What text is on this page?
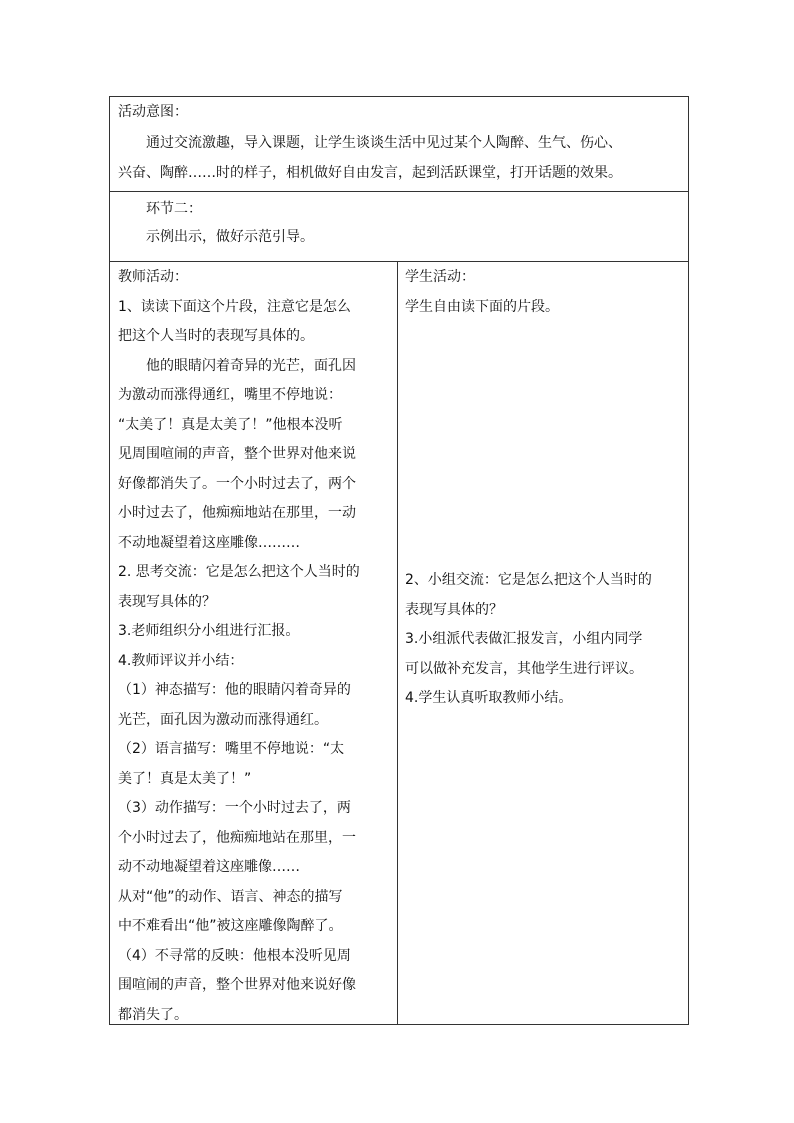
活动意图：
通过交流激趣，导入课题，让学生谈谈生活中见过某个人陶醉、生气、伤心、
兴奋、陶醉……时的样子，相机做好自由发言，起到活跃课堂，打开话题的效果。
环节二：
示例出示，做好示范引导。
教师活动：
1、读读下面这个片段，注意它是怎么
把这个人当时的表现写具体的。
他的眼睛闪着奇异的光芒，面孔因
为激动而涨得通红，嘴里不停地说：
“太美了！真是太美了！”他根本没听
见周围喧闹的声音，整个世界对他来说
好像都消失了。一个小时过去了，两个
小时过去了，他痴痴地站在那里，一动
不动地凝望着这座雕像………
2. 思考交流：它是怎么把这个人当时的
表现写具体的？
3.老师组织分小组进行汇报。
4.教师评议并小结：
（1）神态描写：他的眼睛闪着奇异的
光芒，面孔因为激动而涨得通红。
（2）语言描写：嘴里不停地说：“太
美了！真是太美了！”
（3）动作描写：一个小时过去了，两
个小时过去了，他痴痴地站在那里，一
动不动地凝望着这座雕像……
从对“他”的动作、语言、神态的描写
中不难看出“他”被这座雕像陶醉了。
（4）不寻常的反映：他根本没听见周
围喧闹的声音，整个世界对他来说好像
都消失了。
学生活动：
学生自由读下面的片段。
2、小组交流：它是怎么把这个人当时的
表现写具体的？
3.小组派代表做汇报发言，小组内同学
可以做补充发言，其他学生进行评议。
4.学生认真听取教师小结。
